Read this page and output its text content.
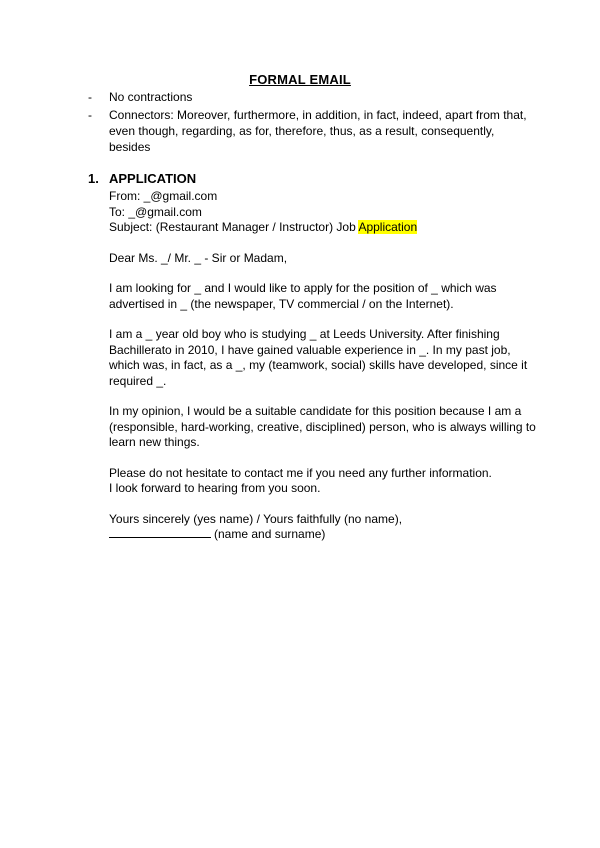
FORMAL EMAIL
-	No contractions
-	Connectors: Moreover, furthermore, in addition, in fact, indeed, apart from that, even though, regarding, as for, therefore, thus, as a result, consequently, besides
1. APPLICATION

From: _@gmail.com

To: _@gmail.com

Subject: (Restaurant Manager / Instructor) Job Application

Dear Ms. _/ Mr. _ - Sir or Madam,

I am looking for _ and I would like to apply for the position of _ which was advertised in _ (the newspaper, TV commercial / on the Internet).

I am a _ year old boy who is studying _ at Leeds University. After finishing Bachillerato in 2010, I have gained valuable experience in _. In my past job, which was, in fact, as a _, my (teamwork, social) skills have developed, since it required _.

In my opinion, I would be a suitable candidate for this position because I am a (responsible, hard-working, creative, disciplined) person, who is always willing to learn new things.

Please do not hesitate to contact me if you need any further information.
I look forward to hearing from you soon.

Yours sincerely (yes name) / Yours faithfully (no name),
(name and surname)
